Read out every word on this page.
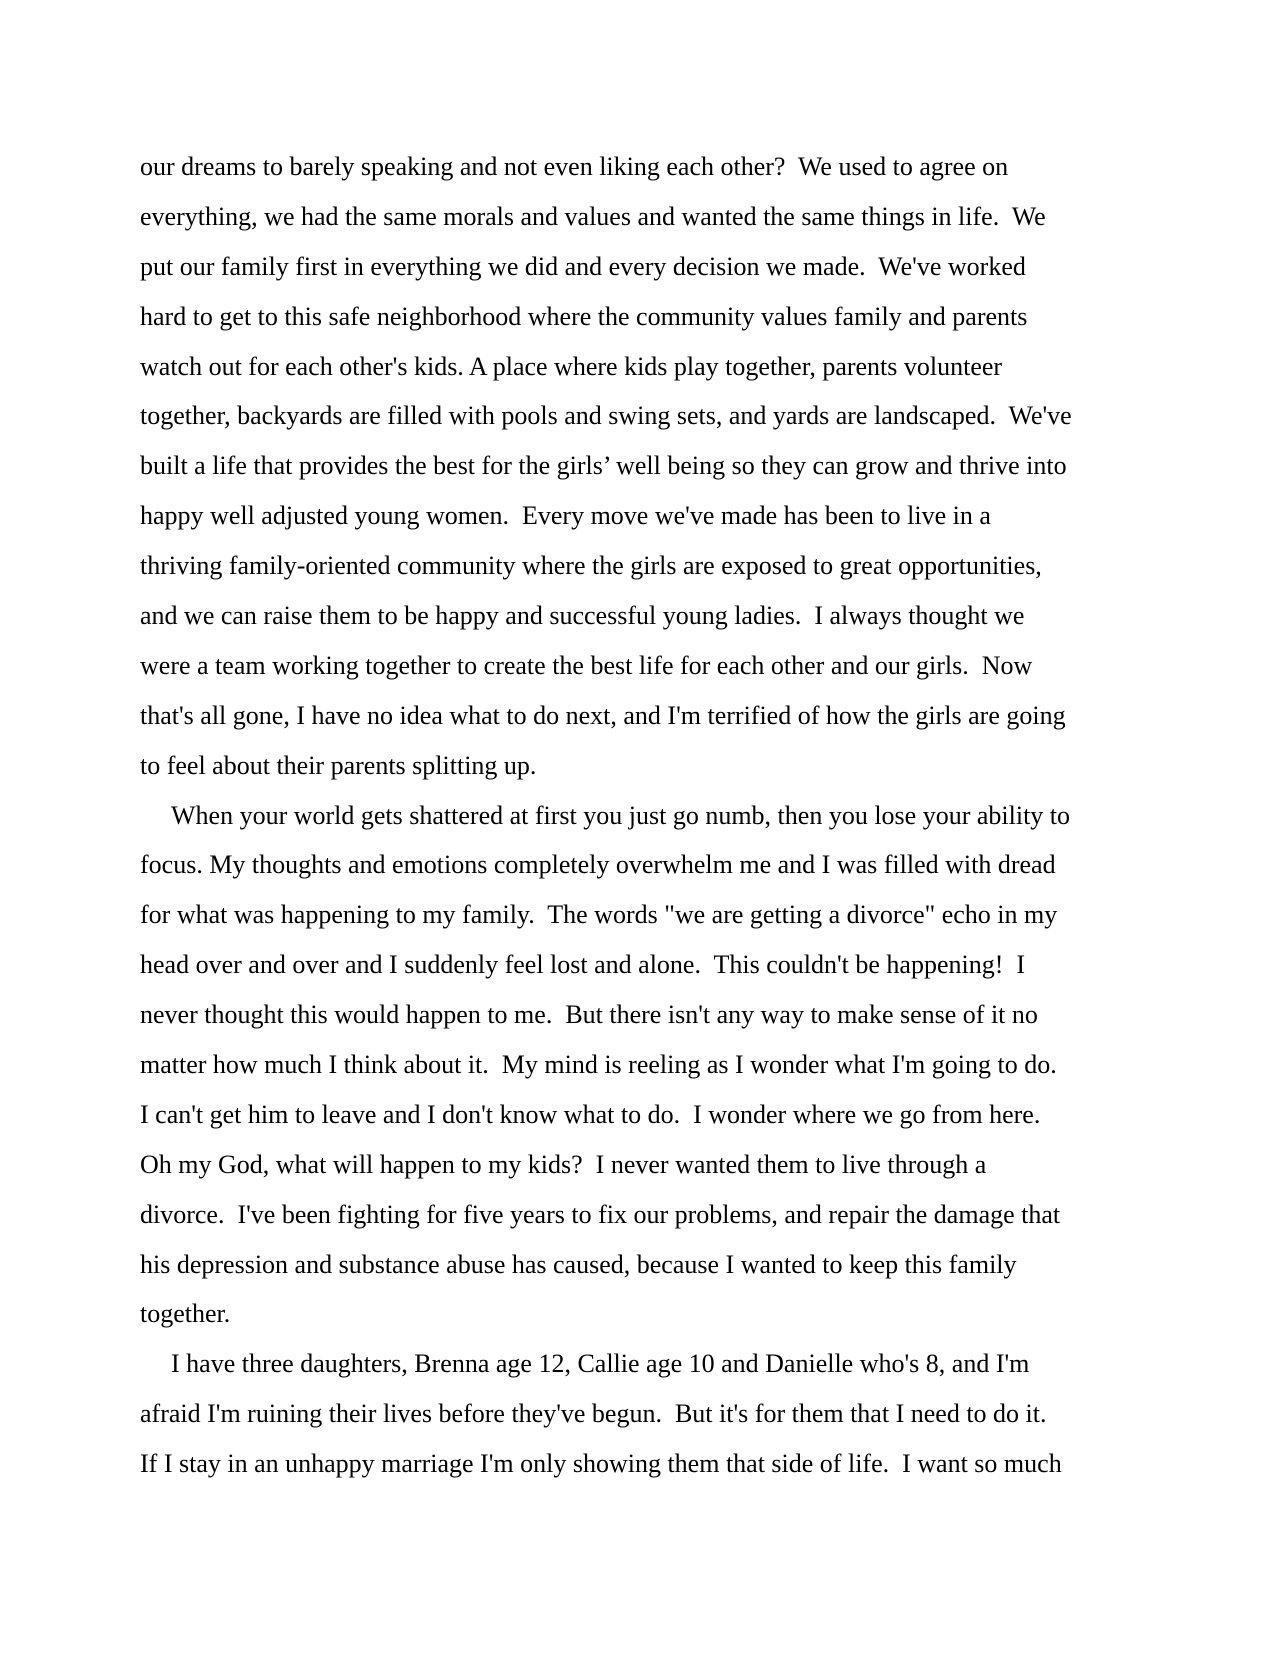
our dreams to barely speaking and not even liking each other?  We used to agree on
everything, we had the same morals and values and wanted the same things in life.  We
put our family first in everything we did and every decision we made.  We've worked
hard to get to this safe neighborhood where the community values family and parents
watch out for each other's kids. A place where kids play together, parents volunteer
together, backyards are filled with pools and swing sets, and yards are landscaped.  We've
built a life that provides the best for the girls’ well being so they can grow and thrive into
happy well adjusted young women.  Every move we've made has been to live in a
thriving family-oriented community where the girls are exposed to great opportunities,
and we can raise them to be happy and successful young ladies.  I always thought we
were a team working together to create the best life for each other and our girls.  Now
that's all gone, I have no idea what to do next, and I'm terrified of how the girls are going
to feel about their parents splitting up.
When your world gets shattered at first you just go numb, then you lose your ability to
focus. My thoughts and emotions completely overwhelm me and I was filled with dread
for what was happening to my family.  The words "we are getting a divorce" echo in my
head over and over and I suddenly feel lost and alone.  This couldn't be happening!  I
never thought this would happen to me.  But there isn't any way to make sense of it no
matter how much I think about it.  My mind is reeling as I wonder what I'm going to do.
I can't get him to leave and I don't know what to do.  I wonder where we go from here.
Oh my God, what will happen to my kids?  I never wanted them to live through a
divorce.  I've been fighting for five years to fix our problems, and repair the damage that
his depression and substance abuse has caused, because I wanted to keep this family
together.
I have three daughters, Brenna age 12, Callie age 10 and Danielle who's 8, and I'm
afraid I'm ruining their lives before they've begun.  But it's for them that I need to do it.
If I stay in an unhappy marriage I'm only showing them that side of life.  I want so much
